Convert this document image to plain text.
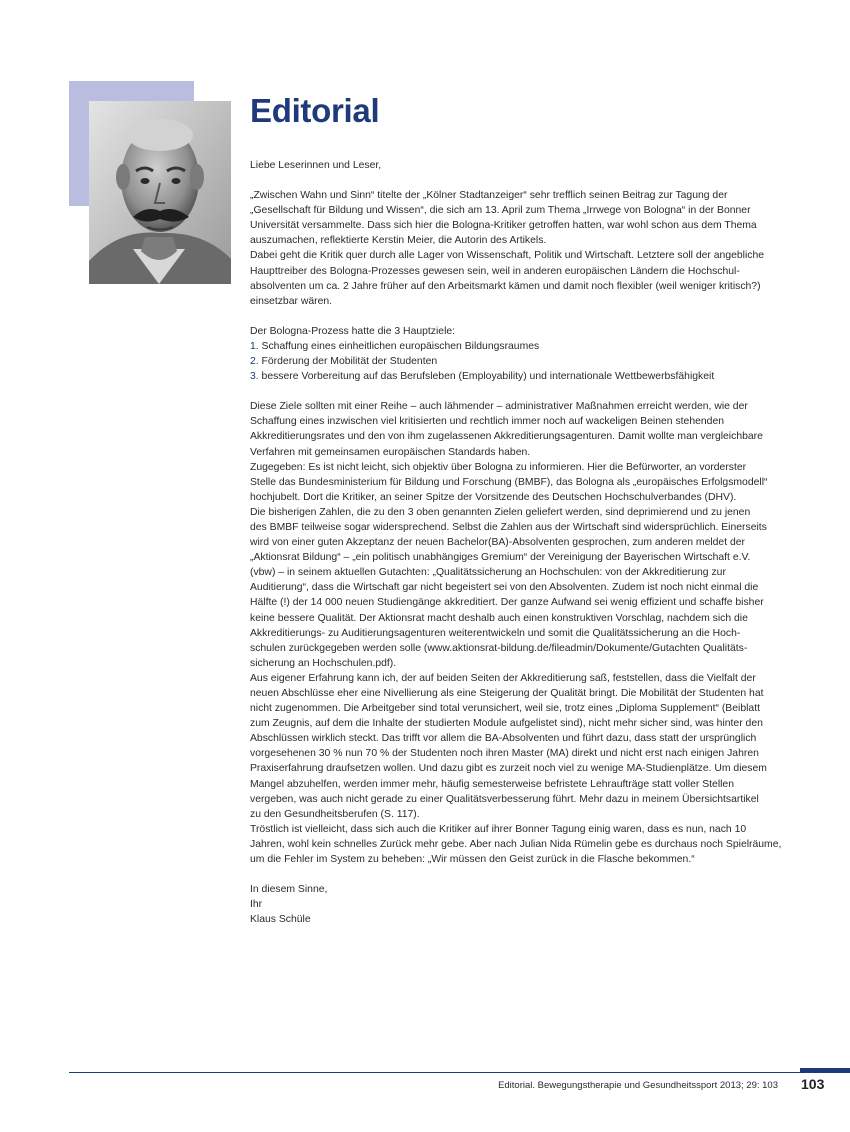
Editorial

Liebe Leserinnen und Leser,

„Zwischen Wahn und Sinn“ titelte der „Kölner Stadtanzeiger“ sehr trefflich seinen Beitrag zur Tagung der

„Gesellschaft für Bildung und Wissen“, die sich am 13. April zum Thema „Irrwege von Bologna“ in der Bonner

Universität versammelte. Dass sich hier die Bologna-Kritiker getroffen hatten, war wohl schon aus dem Thema

auszumachen, reflektierte Kerstin Meier, die Autorin des Artikels.

Dabei geht die Kritik quer durch alle Lager von Wissenschaft, Politik und Wirtschaft. Letztere soll der angebliche

Haupttreiber des Bologna-Prozesses gewesen sein, weil in anderen europäischen Ländern die Hochschul-

absolventen um ca. 2 Jahre früher auf den Arbeitsmarkt kämen und damit noch flexibler (weil weniger kritisch?)

einsetzbar wären.

Der Bologna-Prozess hatte die 3 Hauptziele:

1. Schaffung eines einheitlichen europäischen Bildungsraumes

2. Förderung der Mobilität der Studenten

3. bessere Vorbereitung auf das Berufsleben (Employability) und internationale Wettbewerbsfähigkeit

Diese Ziele sollten mit einer Reihe – auch lähmender – administrativer Maßnahmen erreicht werden, wie der

Schaffung eines inzwischen viel kritisierten und rechtlich immer noch auf wackeligen Beinen stehenden

Akkreditierungsrates und den von ihm zugelassenen Akkreditierungsagenturen. Damit wollte man vergleichbare

Verfahren mit gemeinsamen europäischen Standards haben.

Zugegeben: Es ist nicht leicht, sich objektiv über Bologna zu informieren. Hier die Befürworter, an vorderster

Stelle das Bundesministerium für Bildung und Forschung (BMBF), das Bologna als „europäisches Erfolgsmodell“

hochjubelt. Dort die Kritiker, an seiner Spitze der Vorsitzende des Deutschen Hochschulverbandes (DHV).

Die bisherigen Zahlen, die zu den 3 oben genannten Zielen geliefert werden, sind deprimierend und zu jenen

des BMBF teilweise sogar widersprechend. Selbst die Zahlen aus der Wirtschaft sind widersprüchlich. Einerseits

wird von einer guten Akzeptanz der neuen Bachelor(BA)-Absolventen gesprochen, zum anderen meldet der

„Aktionsrat Bildung“ – „ein politisch unabhängiges Gremium“ der Vereinigung der Bayerischen Wirtschaft e.V.

(vbw) – in seinem aktuellen Gutachten: „Qualitätssicherung an Hochschulen: von der Akkreditierung zur

Auditierung“, dass die Wirtschaft gar nicht begeistert sei von den Absolventen. Zudem ist noch nicht einmal die

Hälfte (!) der 14 000 neuen Studiengänge akkreditiert. Der ganze Aufwand sei wenig effizient und schaffe bisher

keine bessere Qualität. Der Aktionsrat macht deshalb auch einen konstruktiven Vorschlag, nachdem sich die

Akkreditierungs- zu Auditierungsagenturen weiterentwickeln und somit die Qualitätssicherung an die Hoch-

schulen zurückgegeben werden solle (www.aktionsrat-bildung.de/fileadmin/Dokumente/Gutachten Qualitäts-

sicherung an Hochschulen.pdf).

Aus eigener Erfahrung kann ich, der auf beiden Seiten der Akkreditierung saß, feststellen, dass die Vielfalt der

neuen Abschlüsse eher eine Nivellierung als eine Steigerung der Qualität bringt. Die Mobilität der Studenten hat

nicht zugenommen. Die Arbeitgeber sind total verunsichert, weil sie, trotz eines „Diploma Supplement“ (Beiblatt

zum Zeugnis, auf dem die Inhalte der studierten Module aufgelistet sind), nicht mehr sicher sind, was hinter den

Abschlüssen wirklich steckt. Das trifft vor allem die BA-Absolventen und führt dazu, dass statt der ursprünglich

vorgesehenen 30 % nun 70 % der Studenten noch ihren Master (MA) direkt und nicht erst nach einigen Jahren

Praxiserfahrung draufsetzen wollen. Und dazu gibt es zurzeit noch viel zu wenige MA-Studienplätze. Um diesem

Mangel abzuhelfen, werden immer mehr, häufig semesterweise befristete Lehraufträge statt voller Stellen

vergeben, was auch nicht gerade zu einer Qualitätsverbesserung führt. Mehr dazu in meinem Übersichtsartikel

zu den Gesundheitsberufen (S. 117).

Tröstlich ist vielleicht, dass sich auch die Kritiker auf ihrer Bonner Tagung einig waren, dass es nun, nach 10

Jahren, wohl kein schnelles Zurück mehr gebe. Aber nach Julian Nida Rümelin gebe es durchaus noch Spielräume,

um die Fehler im System zu beheben: „Wir müssen den Geist zurück in die Flasche bekommen.“

In diesem Sinne,

Ihr

Klaus Schüle

Editorial. Bewegungstherapie und Gesundheitssport 2013; 29: 103 103
